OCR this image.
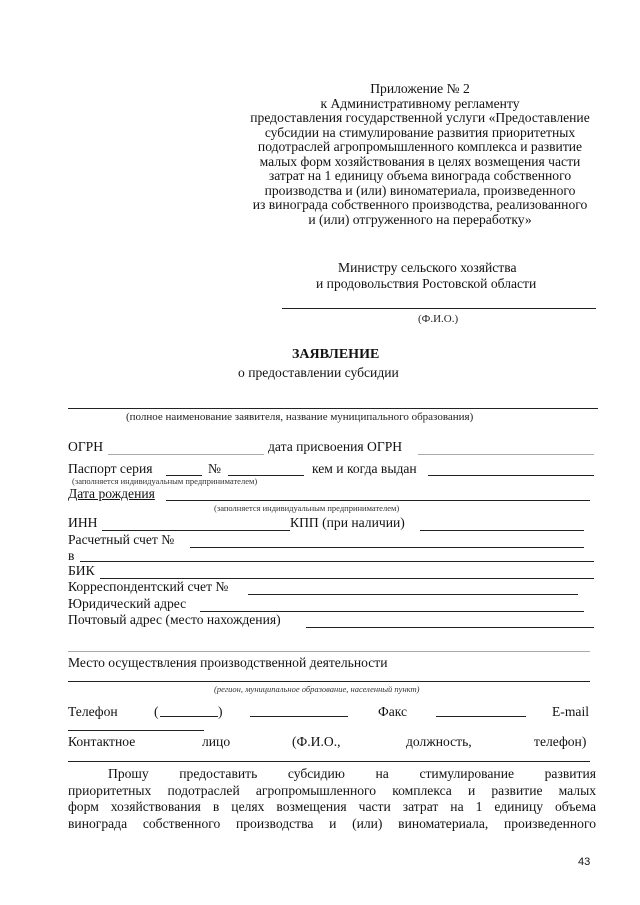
Приложение № 2
к Административному регламенту
предоставления государственной услуги «Предоставление
субсидии на стимулирование развития приоритетных
подотраслей агропромышленного комплекса и развитие
малых форм хозяйствования в целях возмещения части
затрат на 1 единицу объема винограда собственного
производства и (или) виноматериала, произведенного
из винограда собственного производства, реализованного
и (или) отгруженного на переработку»
Министру сельского хозяйства
и продовольствия Ростовской области
(Ф.И.О.)
ЗАЯВЛЕНИЕ
о предоставлении субсидии
(полное наименование заявителя, название муниципального образования)
ОГРН	дата присвоения ОГРН
Паспорт серия	№	кем и когда выдан
(заполняется индивидуальным предпринимателем)
Дата рождения
(заполняется индивидуальным предпринимателем)
ИНН	КПП (при наличии)
Расчетный счет №
в
БИК
Корреспондентский счет №
Юридический адрес
Почтовый адрес (место нахождения)
Место осуществления производственной деятельности
(регион, муниципальное образование, населенный пункт)
Телефон	(	)	Факс	E-mail
Контактное	лицо	(Ф.И.О.,	должность,	телефон)
Прошу предоставить субсидию на стимулирование развития
приоритетных подотраслей агропромышленного комплекса и развитие малых
форм хозяйствования в целях возмещения части затрат на 1 единицу объема
винограда собственного производства и (или) виноматериала, произведенного
43
